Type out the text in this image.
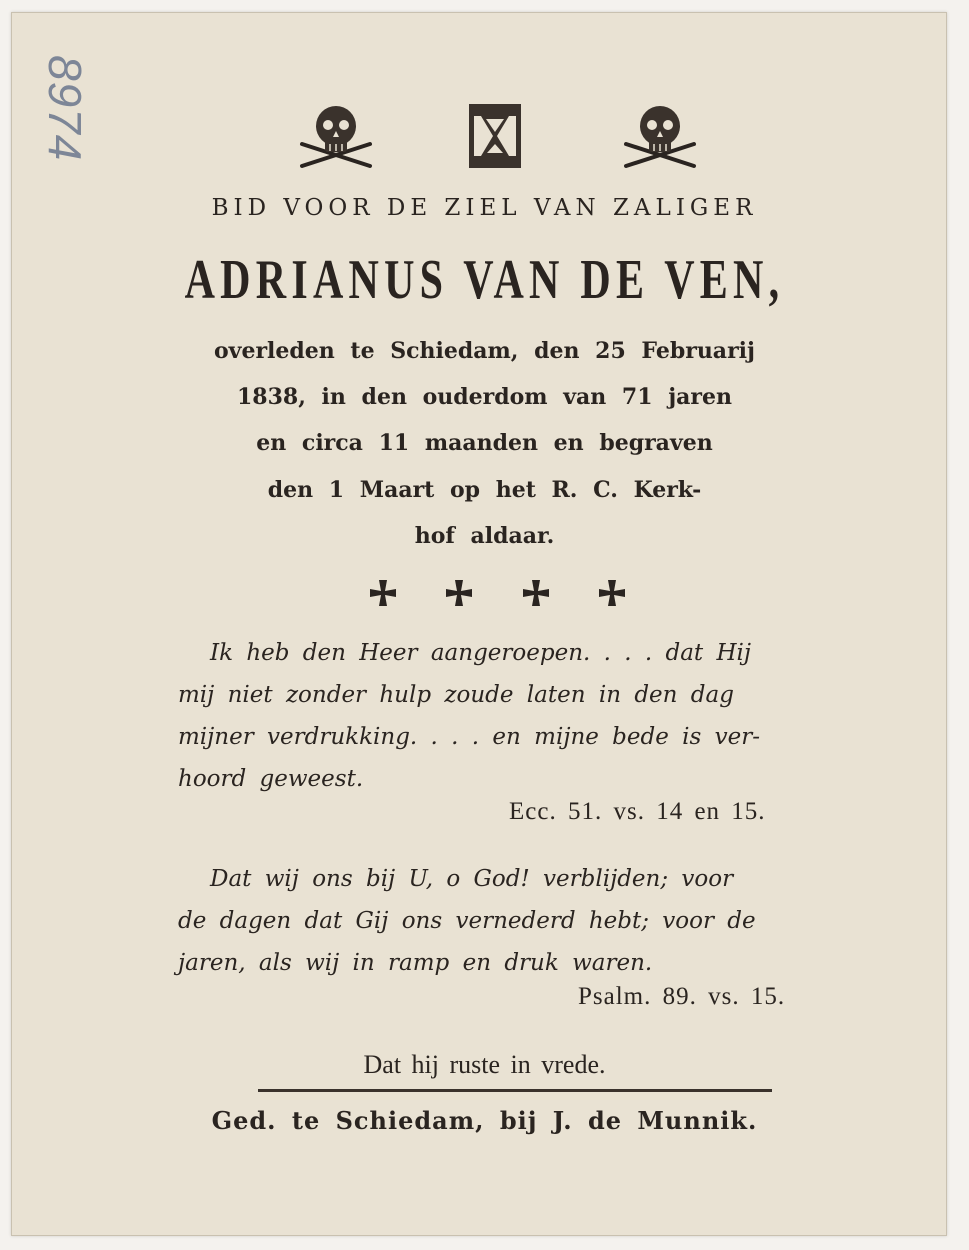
8974
BID VOOR DE ZIEL VAN ZALIGER
ADRIANUS VAN DE VEN,
overleden te Schiedam, den 25 Februarij
1838, in den ouderdom van 71 jaren
en circa 11 maanden en begraven
den 1 Maart op het R. C. Kerk-
hof aldaar.
Ik heb den Heer aangeroepen. . . . dat Hij
mij niet zonder hulp zoude laten in den dag
mijner verdrukking. . . . en mijne bede is ver-
hoord geweest.
Ecc. 51. vs. 14 en 15.
Dat wij ons bij U, o God! verblijden; voor
de dagen dat Gij ons vernederd hebt; voor de
jaren, als wij in ramp en druk waren.
Psalm. 89. vs. 15.
Dat hij ruste in vrede.
Ged. te Schiedam, bij J. de Munnik.
